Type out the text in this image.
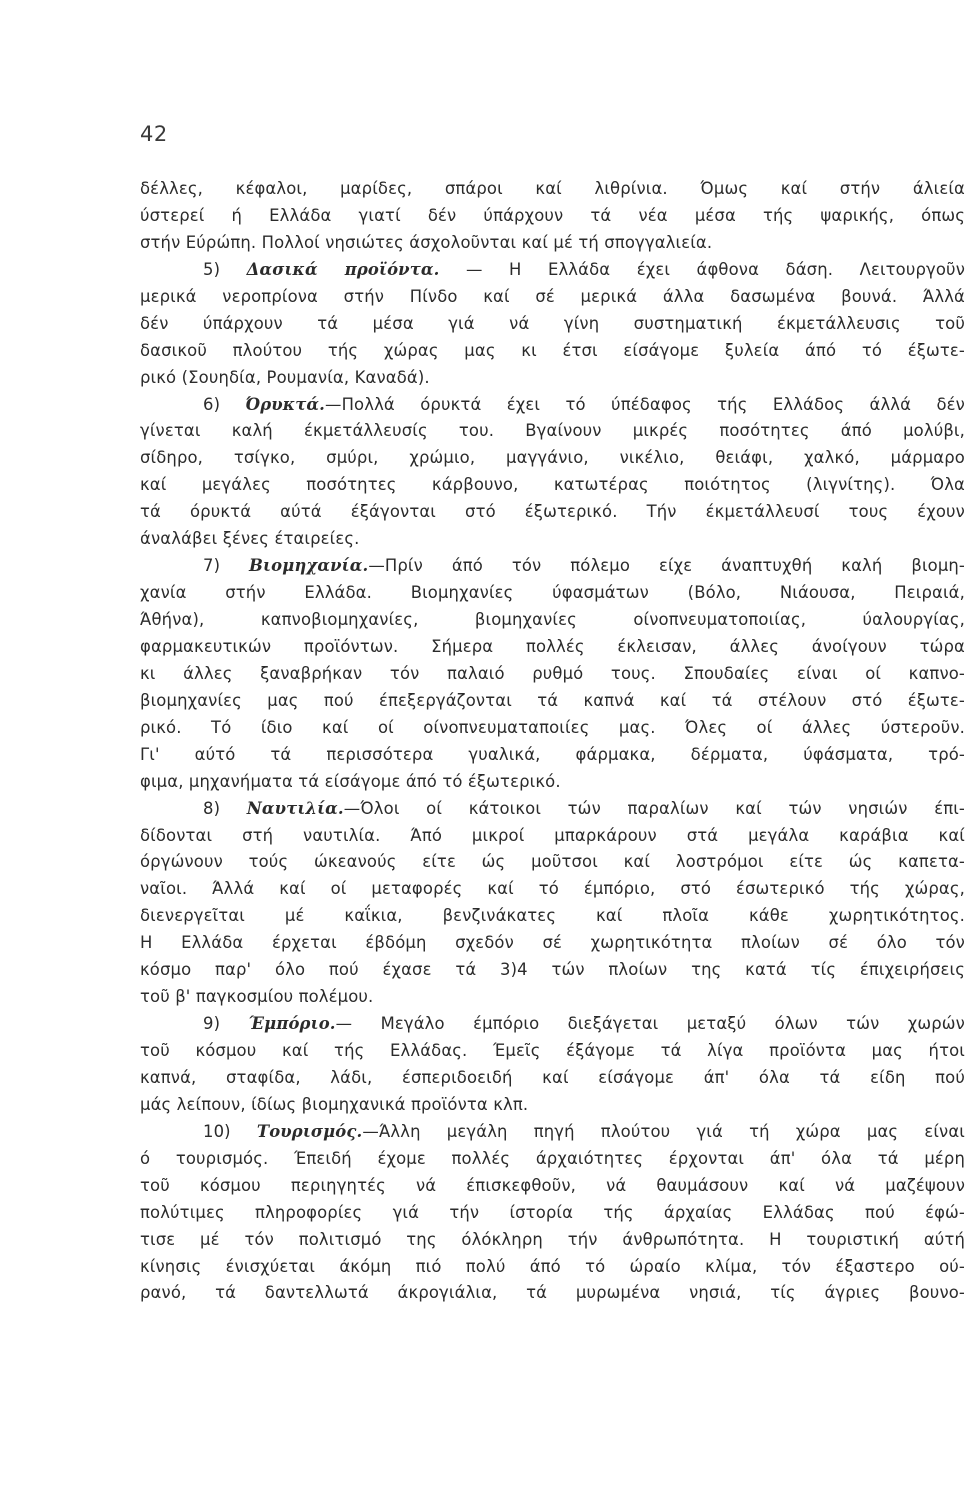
42
δέλλες, κέφαλοι, μαρίδες, σπάροι καί λιθρίνια. Όμως καί στήν άλιεία
ύστερεί ή Ελλάδα γιατί δέν ύπάρχουν τά νέα μέσα τής ψαρικής, όπως
στήν Εύρώπη. Πολλοί νησιώτες άσχολοῦνται καί μέ τή σπογγαλιεία.
5) Δασικά προϊόντα. — Η Ελλάδα έχει άφθονα δάση. Λειτουργοῦν
μερικά νεροπρίονα στήν Πίνδο καί σέ μερικά άλλα δασωμένα βουνά. Άλλά
δέν ύπάρχουν τά μέσα γιά νά γίνη συστηματική έκμετάλλευσις τοῦ
δασικοῦ πλούτου τής χώρας μας κι έτσι είσάγομε ξυλεία άπό τό έξωτε-
ρικό (Σουηδία, Ρουμανία, Καναδά).
6) Όρυκτά.—Πολλά όρυκτά έχει τό ύπέδαφος τής Ελλάδος άλλά δέν
γίνεται καλή έκμετάλλευσίς του. Βγαίνουν μικρές ποσότητες άπό μολύβι,
σίδηρο, τσίγκο, σμύρι, χρώμιο, μαγγάνιο, νικέλιο, θειάφι, χαλκό, μάρμαρο
καί μεγάλες ποσότητες κάρβουνο, κατωτέρας ποιότητος (λιγνίτης). Όλα
τά όρυκτά αύτά έξάγονται στό έξωτερικό. Τήν έκμετάλλευσί τους έχουν
άναλάβει ξένες έταιρείες.
7) Βιομηχανία.—Πρίν άπό τόν πόλεμο είχε άναπτυχθή καλή βιομη-
χανία στήν Ελλάδα. Βιομηχανίες ύφασμάτων (Βόλο, Νιάουσα, Πειραιά,
Άθήνα), καπνοβιομηχανίες, βιομηχανίες οίνοπνευματοποιίας, ύαλουργίας,
φαρμακευτικών προϊόντων. Σήμερα πολλές έκλεισαν, άλλες άνοίγουν τώρα
κι άλλες ξαναβρήκαν τόν παλαιό ρυθμό τους. Σπουδαίες είναι οί καπνο-
βιομηχανίες μας πού έπεξεργάζονται τά καπνά καί τά στέλουν στό έξωτε-
ρικό. Τό ίδιο καί οί οίνοπνευματαποιίες μας. Όλες οί άλλες ύστεροῦν.
Γι' αύτό τά περισσότερα γυαλικά, φάρμακα, δέρματα, ύφάσματα, τρό-
φιμα, μηχανήματα τά είσάγομε άπό τό έξωτερικό.
8) Ναυτιλία.—Όλοι οί κάτοικοι τών παραλίων καί τών νησιών έπι-
δίδονται στή ναυτιλία. Άπό μικροί μπαρκάρουν στά μεγάλα καράβια καί
όργώνουν τούς ώκεανούς είτε ώς μοῦτσοι καί λοστρόμοι είτε ώς καπετα-
ναῖοι. Άλλά καί οί μεταφορές καί τό έμπόριο, στό έσωτερικό τής χώρας,
διενεργεῖται μέ καΐκια, βενζινάκατες καί πλοῖα κάθε χωρητικότητος.
Η Ελλάδα έρχεται έβδόμη σχεδόν σέ χωρητικότητα πλοίων σέ όλο τόν
κόσμο παρ' όλο πού έχασε τά 3)4 τών πλοίων της κατά τίς έπιχειρήσεις
τοῦ β' παγκοσμίου πολέμου.
9) Έμπόριο.— Μεγάλο έμπόριο διεξάγεται μεταξύ όλων τών χωρών
τοῦ κόσμου καί τής Ελλάδας. Έμεῖς έξάγομε τά λίγα προϊόντα μας ήτοι
καπνά, σταφίδα, λάδι, έσπεριδοειδή καί είσάγομε άπ' όλα τά είδη πού
μάς λείπουν, ίδίως βιομηχανικά προϊόντα κλπ.
10) Τουρισμός.—Άλλη μεγάλη πηγή πλούτου γιά τή χώρα μας είναι
ό τουρισμός. Έπειδή έχομε πολλές άρχαιότητες έρχονται άπ' όλα τά μέρη
τοῦ κόσμου περιηγητές νά έπισκεφθοῦν, νά θαυμάσουν καί νά μαζέψουν
πολύτιμες πληροφορίες γιά τήν ίστορία τής άρχαίας Ελλάδας πού έφώ-
τισε μέ τόν πολιτισμό της όλόκληρη τήν άνθρωπότητα. Η τουριστική αύτή
κίνησις ένισχύεται άκόμη πιό πολύ άπό τό ώραίο κλίμα, τόν έξαστερο ού-
ρανό, τά δαντελλωτά άκρογιάλια, τά μυρωμένα νησιά, τίς άγριες βουνο-
